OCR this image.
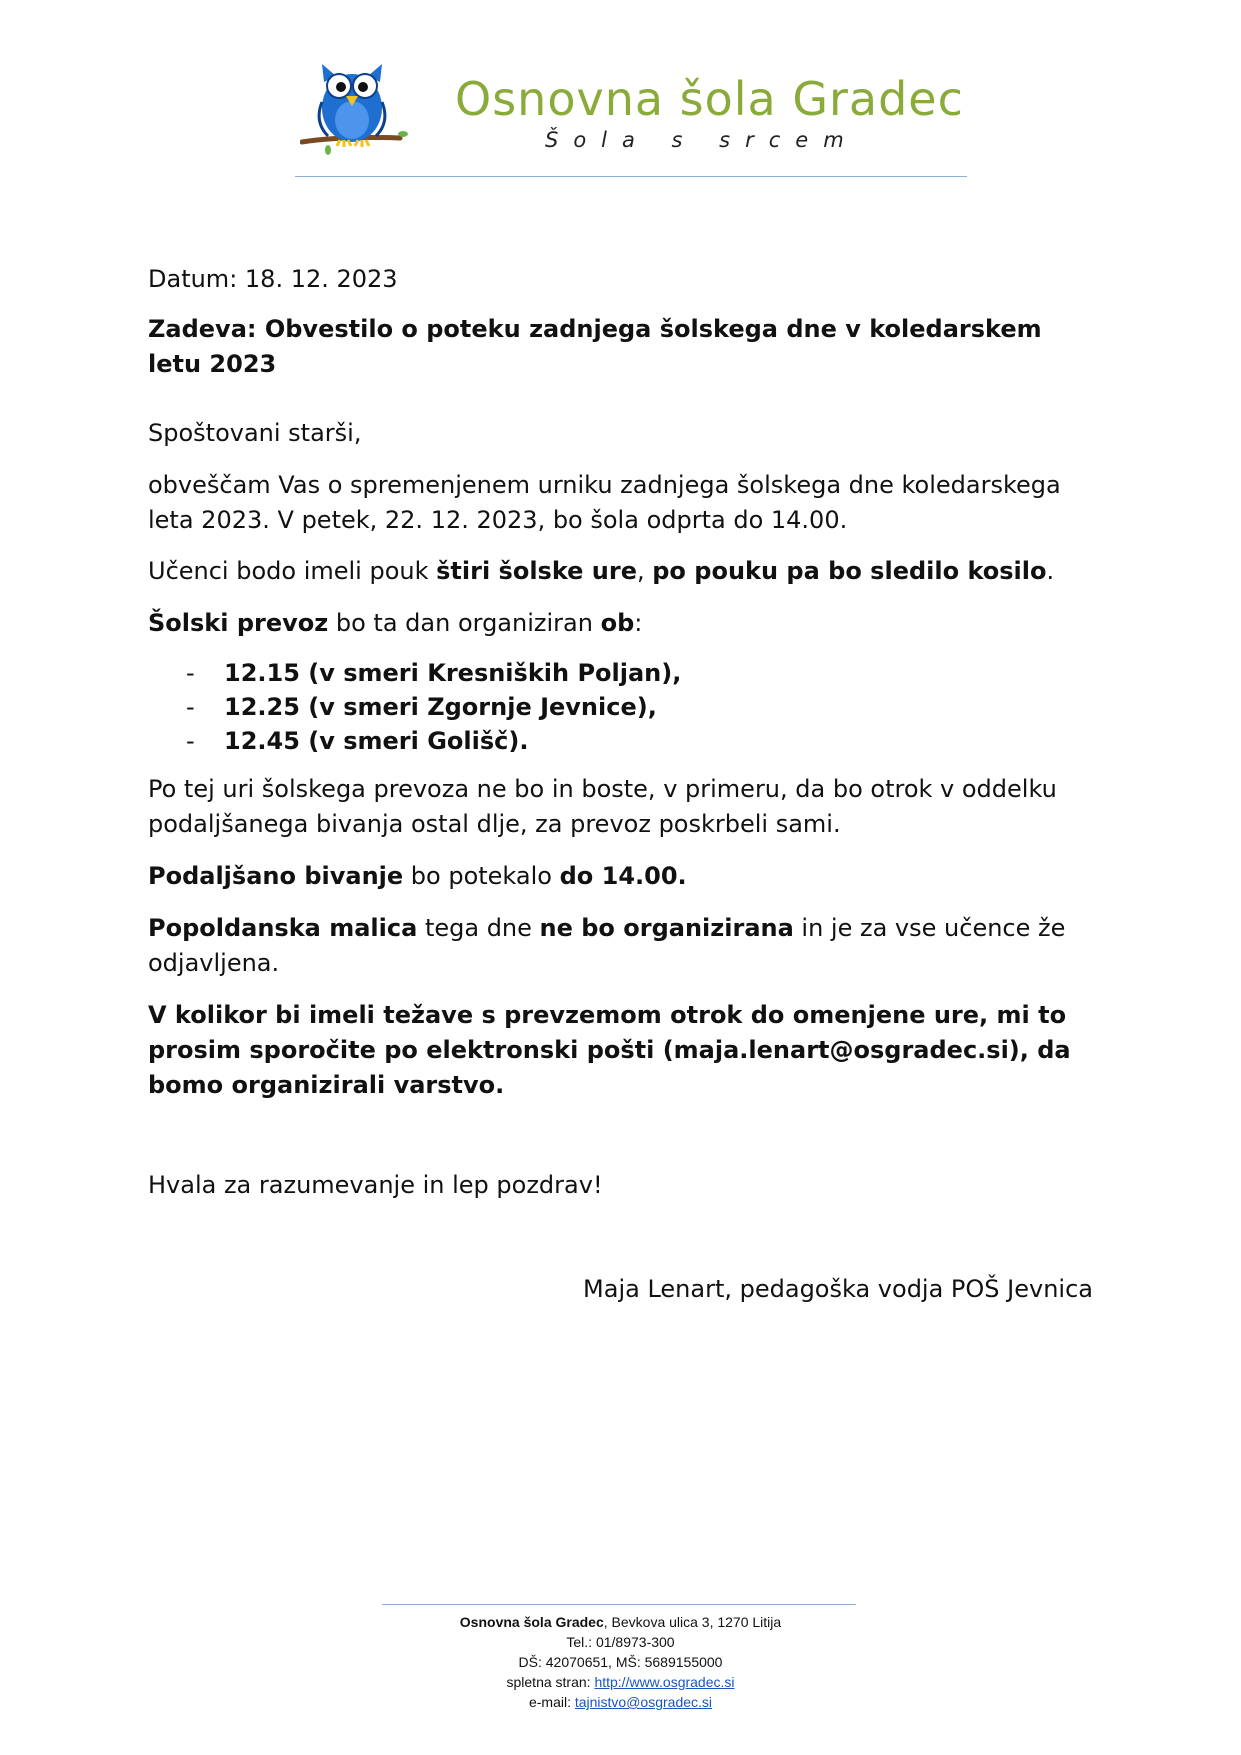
Osnovna šola Gradec
Šola s srcem

Datum: 18. 12. 2023

Zadeva: Obvestilo o poteku zadnjega šolskega dne v koledarskem letu 2023

Spoštovani starši,

obveščam Vas o spremenjenem urniku zadnjega šolskega dne koledarskega leta 2023. V petek, 22. 12. 2023, bo šola odprta do 14.00.

Učenci bodo imeli pouk štiri šolske ure, po pouku pa bo sledilo kosilo.

Šolski prevoz bo ta dan organiziran ob:

- 12.15 (v smeri Kresniških Poljan),
- 12.25 (v smeri Zgornje Jevnice),
- 12.45 (v smeri Golišč).

Po tej uri šolskega prevoza ne bo in boste, v primeru, da bo otrok v oddelku podaljšanega bivanja ostal dlje, za prevoz poskrbeli sami.

Podaljšano bivanje bo potekalo do 14.00.

Popoldanska malica tega dne ne bo organizirana in je za vse učence že odjavljena.

V kolikor bi imeli težave s prevzemom otrok do omenjene ure, mi to prosim sporočite po elektronski pošti (maja.lenart@osgradec.si), da bomo organizirali varstvo.

Hvala za razumevanje in lep pozdrav!

Maja Lenart, pedagoška vodja POŠ Jevnica

Osnovna šola Gradec, Bevkova ulica 3, 1270 Litija
Tel.: 01/8973-300
DŠ: 42070651, MŠ: 5689155000
spletna stran: http://www.osgradec.si
e-mail: tajnistvo@osgradec.si
